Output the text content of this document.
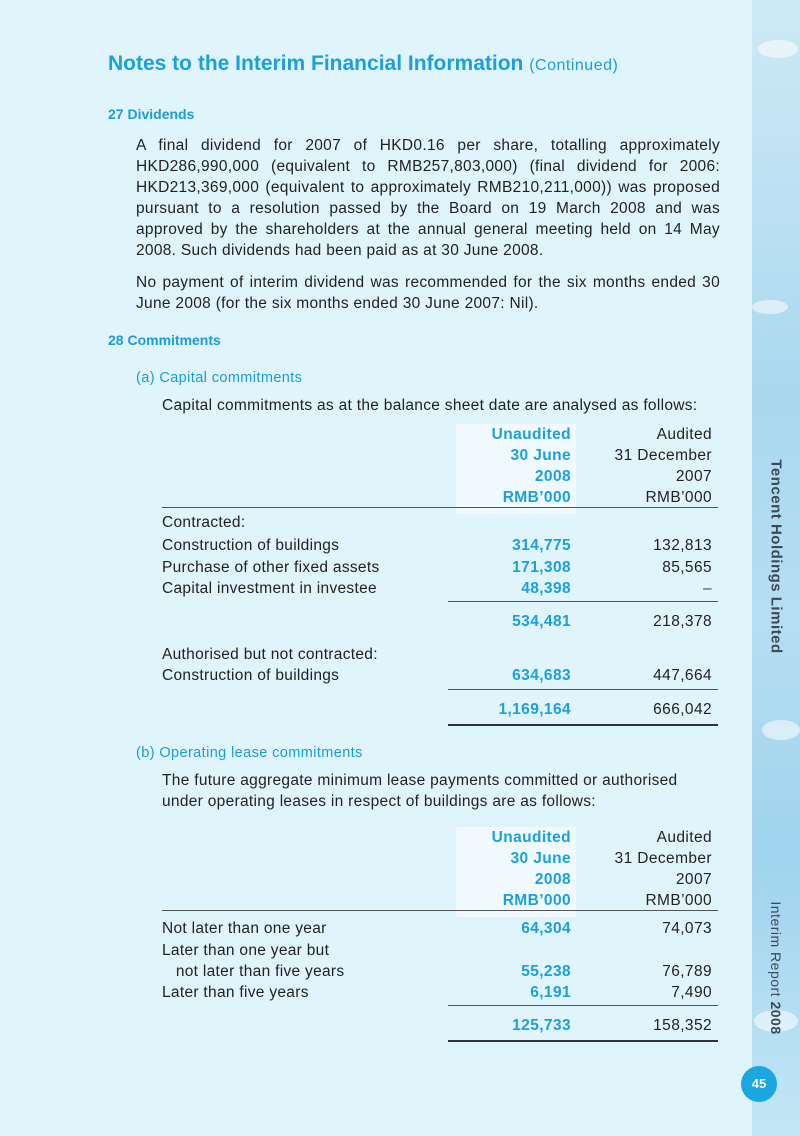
Tencent Holdings Limited
Interim Report 2008
45
Notes to the Interim Financial Information (Continued)
27 Dividends

A final dividend for 2007 of HKD0.16 per share, totalling approximately HKD286,990,000 (equivalent to RMB257,803,000) (final dividend for 2006: HKD213,369,000 (equivalent to approximately RMB210,211,000)) was proposed pursuant to a resolution passed by the Board on 19 March 2008 and was approved by the shareholders at the annual general meeting held on 14 May 2008. Such dividends had been paid as at 30 June 2008.

No payment of interim dividend was recommended for the six months ended 30 June 2008 (for the six months ended 30 June 2007: Nil).

28 Commitments
(a) Capital commitments

Capital commitments as at the balance sheet date are analysed as follows:

Unaudited	Audited
30 June	31 December
2008	2007
RMB’000	RMB’000
Contracted:
Construction of buildings	314,775	132,813
Purchase of other fixed assets	171,308	85,565
Capital investment in investee	48,398	–
534,481	218,378
Authorised but not contracted:
Construction of buildings	634,683	447,664
1,169,164	666,042
(b) Operating lease commitments

The future aggregate minimum lease payments committed or authorised under operating leases in respect of buildings are as follows:

Unaudited	Audited
30 June	31 December
2008	2007
RMB’000	RMB’000
Not later than one year	64,304	74,073
Later than one year but
not later than five years	55,238	76,789
Later than five years	6,191	7,490
125,733	158,352
